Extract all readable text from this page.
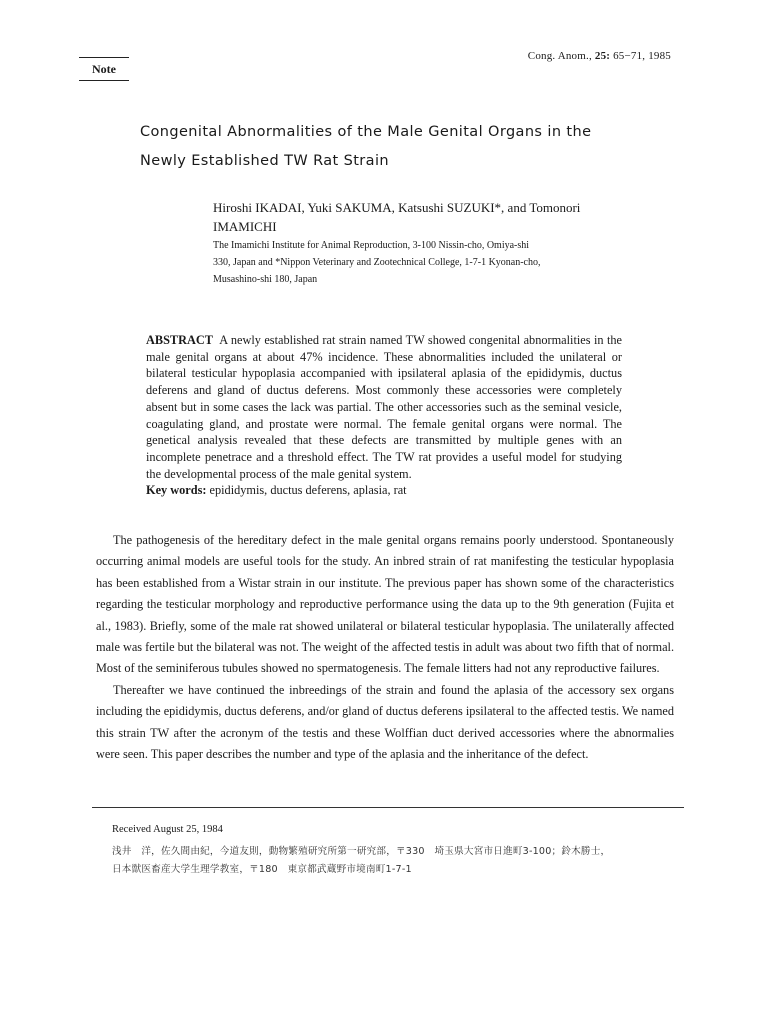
Note
Cong. Anom., 25: 65−71, 1985
Congenital Abnormalities of the Male Genital Organs in the
Newly Established TW Rat Strain
Hiroshi IKADAI, Yuki SAKUMA, Katsushi SUZUKI*, and Tomonori
IMAMICHI
The Imamichi Institute for Animal Reproduction, 3-100 Nissin-cho, Omiya-shi
330, Japan and *Nippon Veterinary and Zootechnical College, 1-7-1 Kyonan-cho,
Musashino-shi 180, Japan
ABSTRACT A newly established rat strain named TW showed congenital abnormalities in the male genital organs at about 47% incidence. These abnormalities included the unilateral or bilateral testicular hypoplasia accompanied with ipsilateral aplasia of the epididymis, ductus deferens and gland of ductus deferens. Most commonly these accessories were completely absent but in some cases the lack was partial. The other accessories such as the seminal vesicle, coagulating gland, and prostate were normal. The female genital organs were normal. The genetical analysis revealed that these defects are transmitted by multiple genes with an incomplete penetrace and a threshold effect. The TW rat provides a useful model for studying the developmental process of the male genital system.
Key words: epididymis, ductus deferens, aplasia, rat

The pathogenesis of the hereditary defect in the male genital organs remains poorly understood. Spontaneously occurring animal models are useful tools for the study. An inbred strain of rat manifesting the testicular hypoplasia has been established from a Wistar strain in our institute. The previous paper has shown some of the characteristics regarding the testicular morphology and reproductive performance using the data up to the 9th generation (Fujita et al., 1983). Briefly, some of the male rat showed unilateral or bilateral testicular hypoplasia. The unilaterally affected male was fertile but the bilateral was not. The weight of the affected testis in adult was about two fifth that of normal. Most of the seminiferous tubules showed no spermatogenesis. The female litters had not any reproductive failures.

Thereafter we have continued the inbreedings of the strain and found the aplasia of the accessory sex organs including the epididymis, ductus deferens, and/or gland of ductus deferens ipsilateral to the affected testis. We named this strain TW after the acronym of the testis and these Wolffian duct derived accessories where the abnormalies were seen. This paper describes the number and type of the aplasia and the inheritance of the defect.

Received August 25, 1984
浅井　洋，佐久間由紀，今道友則，動物繁殖研究所第一研究部，〒330　埼玉県大宮市日進町3-100；鈴木勝士，
日本獣医畜産大学生理学教室，〒180　東京都武蔵野市境南町1-7-1
